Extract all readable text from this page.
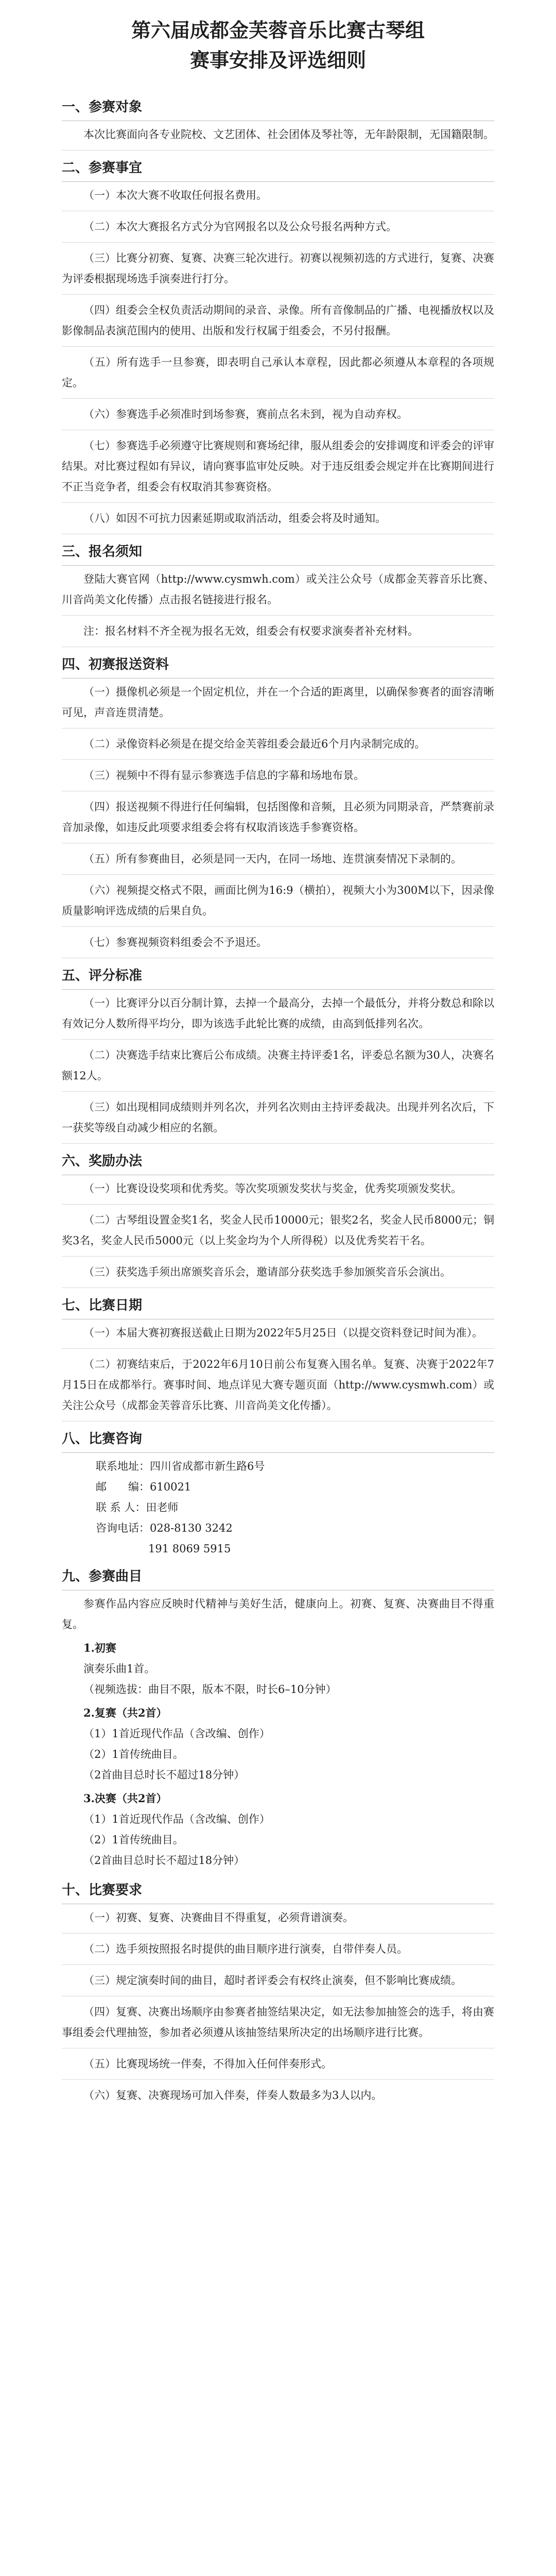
第六届成都金芙蓉音乐比赛古琴组
赛事安排及评选细则
一、参赛对象
本次比赛面向各专业院校、文艺团体、社会团体及琴社等，无年龄限制，无国籍限制。
二、参赛事宜
（一）本次大赛不收取任何报名费用。
（二）本次大赛报名方式分为官网报名以及公众号报名两种方式。
（三）比赛分初赛、复赛、决赛三轮次进行。初赛以视频初选的方式进行，复赛、决赛为评委根据现场选手演奏进行打分。
（四）组委会全权负责活动期间的录音、录像。所有音像制品的广播、电视播放权以及影像制品表演范围内的使用、出版和发行权属于组委会，不另付报酬。
（五）所有选手一旦参赛，即表明自己承认本章程，因此都必须遵从本章程的各项规定。
（六）参赛选手必须准时到场参赛，赛前点名未到，视为自动弃权。
（七）参赛选手必须遵守比赛规则和赛场纪律，服从组委会的安排调度和评委会的评审结果。对比赛过程如有异议，请向赛事监审处反映。对于违反组委会规定并在比赛期间进行不正当竞争者，组委会有权取消其参赛资格。
（八）如因不可抗力因素延期或取消活动，组委会将及时通知。
三、报名须知
登陆大赛官网（http://www.cysmwh.com）或关注公众号（成都金芙蓉音乐比赛、川音尚美文化传播）点击报名链接进行报名。
注：报名材料不齐全视为报名无效，组委会有权要求演奏者补充材料。
四、初赛报送资料
（一）摄像机必须是一个固定机位，并在一个合适的距离里，以确保参赛者的面容清晰可见，声音连贯清楚。
（二）录像资料必须是在提交给金芙蓉组委会最近6个月内录制完成的。
（三）视频中不得有显示参赛选手信息的字幕和场地布景。
（四）报送视频不得进行任何编辑，包括图像和音频，且必须为同期录音，严禁赛前录音加录像，如违反此项要求组委会将有权取消该选手参赛资格。
（五）所有参赛曲目，必须是同一天内，在同一场地、连贯演奏情况下录制的。
（六）视频提交格式不限，画面比例为16:9（横拍），视频大小为300M以下，因录像质量影响评选成绩的后果自负。
（七）参赛视频资料组委会不予退还。
五、评分标准
（一）比赛评分以百分制计算，去掉一个最高分，去掉一个最低分，并将分数总和除以有效记分人数所得平均分，即为该选手此轮比赛的成绩，由高到低排列名次。
（二）决赛选手结束比赛后公布成绩。决赛主持评委1名，评委总名额为30人，决赛名额12人。
（三）如出现相同成绩则并列名次，并列名次则由主持评委裁决。出现并列名次后，下一获奖等级自动减少相应的名额。
六、奖励办法
（一）比赛设设奖项和优秀奖。等次奖项颁发奖状与奖金，优秀奖项颁发奖状。
（二）古琴组设置金奖1名，奖金人民币10000元；银奖2名，奖金人民币8000元；铜奖3名，奖金人民币5000元（以上奖金均为个人所得税）以及优秀奖若干名。
（三）获奖选手须出席颁奖音乐会，邀请部分获奖选手参加颁奖音乐会演出。
七、比赛日期
（一）本届大赛初赛报送截止日期为2022年5月25日（以提交资料登记时间为准）。
（二）初赛结束后，于2022年6月10日前公布复赛入围名单。复赛、决赛于2022年7月15日在成都举行。赛事时间、地点详见大赛专题页面（http://www.cysmwh.com）或关注公众号（成都金芙蓉音乐比赛、川音尚美文化传播）。
八、比赛咨询

联系地址：四川省成都市新生路6号

邮　　编：610021

联 系 人：田老师

咨询电话：028-8130 3242

191 8069 5915

九、参赛曲目
参赛作品内容应反映时代精神与美好生活，健康向上。初赛、复赛、决赛曲目不得重复。

1.初赛

演奏乐曲1首。

（视频选拔：曲目不限，版本不限，时长6–10分钟）

2.复赛（共2首）

（1）1首近现代作品（含改编、创作）

（2）1首传统曲目。

（2首曲目总时长不超过18分钟）

3.决赛（共2首）

（1）1首近现代作品（含改编、创作）

（2）1首传统曲目。

（2首曲目总时长不超过18分钟）

十、比赛要求
（一）初赛、复赛、决赛曲目不得重复，必须背谱演奏。
（二）选手须按照报名时提供的曲目顺序进行演奏，自带伴奏人员。
（三）规定演奏时间的曲目，超时者评委会有权终止演奏，但不影响比赛成绩。
（四）复赛、决赛出场顺序由参赛者抽签结果决定，如无法参加抽签会的选手，将由赛事组委会代理抽签，参加者必须遵从该抽签结果所决定的出场顺序进行比赛。
（五）比赛现场统一伴奏，不得加入任何伴奏形式。
（六）复赛、决赛现场可加入伴奏，伴奏人数最多为3人以内。
